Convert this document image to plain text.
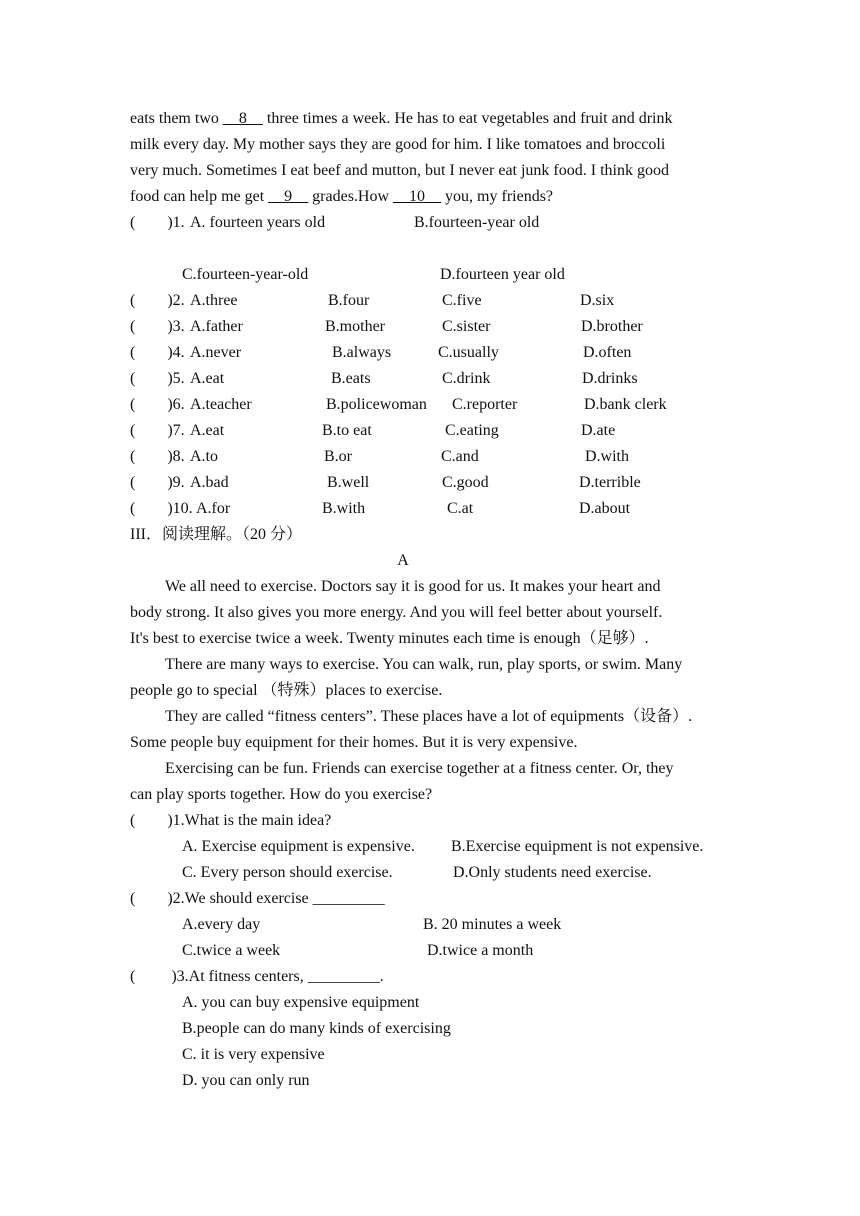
eats them two __8__ three times a week. He has to eat vegetables and fruit and drink
milk every day. My mother says they are good for him. I like tomatoes and broccoli
very much. Sometimes I eat beef and mutton, but I never eat junk food. I think good
food can help me get __9__ grades.How __10__ you, my friends?
(        )1. A. fourteen years old	B.fourteen-year old
C.fourteen-year-old	D.fourteen year old
(        )2. A.three	B.four	C.five	D.six
(        )3. A.father	B.mother	C.sister	D.brother
(        )4. A.never	B.always	C.usually	D.often
(        )5. A.eat	B.eats	C.drink	D.drinks
(        )6. A.teacher	B.policewoman C.reporter	D.bank clerk
(        )7. A.eat	B.to eat	C.eating	D.ate
(        )8. A.to	B.or	C.and	D.with
(        )9. A.bad	B.well	C.good	D.terrible
(        )10. A.for	B.with	C.at	D.about
III．阅读理解。（20 分）
A
We all need to exercise. Doctors say it is good for us. It makes your heart and
body strong. It also gives you more energy. And you will feel better about yourself.
It's best to exercise twice a week. Twenty minutes each time is enough（足够）.
There are many ways to exercise. You can walk, run, play sports, or swim. Many
people go to special （特殊）places to exercise.
They are called “fitness centers”. These places have a lot of equipments（设备）.
Some people buy equipment for their homes. But it is very expensive.
Exercising can be fun. Friends can exercise together at a fitness center. Or, they
can play sports together. How do you exercise?
(        )1.What is the main idea?
A. Exercise equipment is expensive. B.Exercise equipment is not expensive.
C. Every person should exercise.	D.Only students need exercise.
(        )2.We should exercise _________
A.every day	B. 20 minutes a week
C.twice a week	D.twice a month
(         )3.At fitness centers, _________.
A. you can buy expensive equipment
B.people can do many kinds of exercising
C. it is very expensive
D. you can only run
